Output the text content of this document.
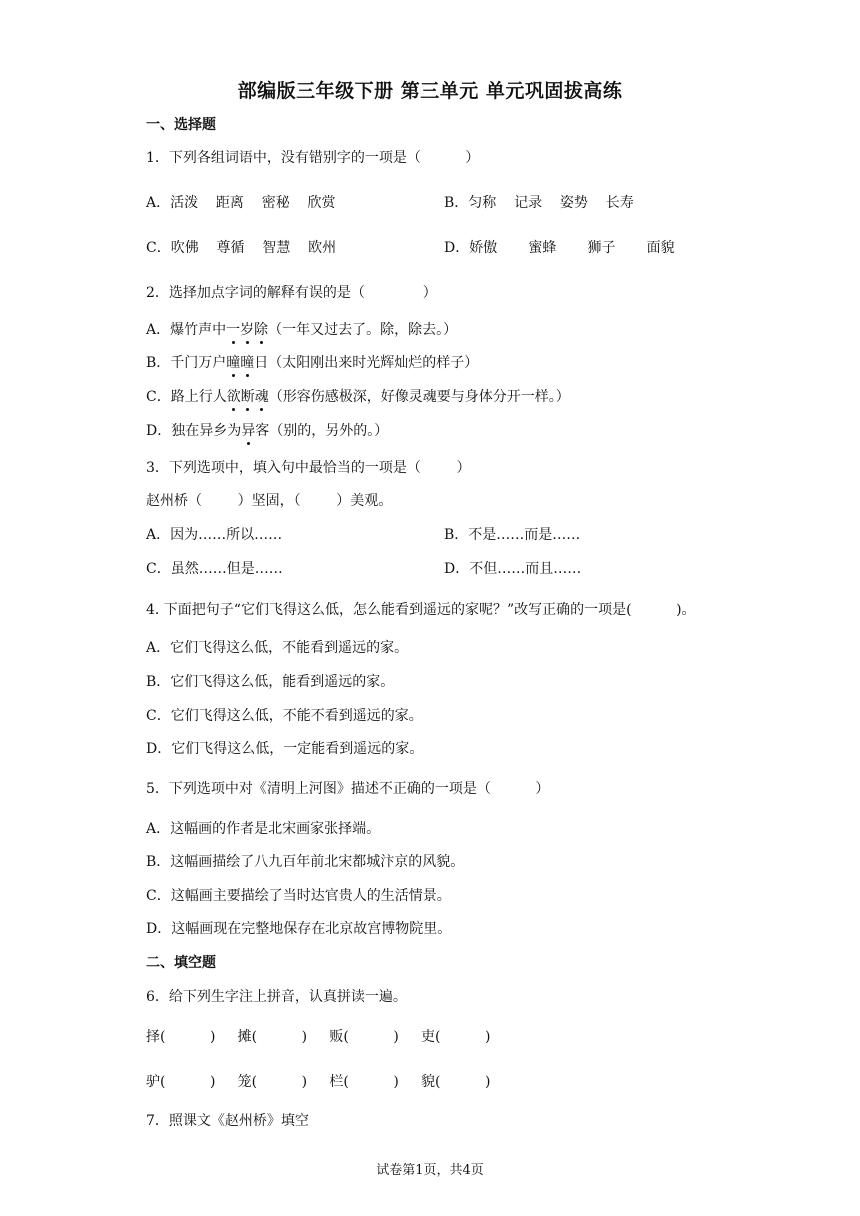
部编版三年级下册 第三单元 单元巩固拔高练
一、选择题
1．下列各组词语中，没有错别字的一项是（          ）
A．活泼    距离    密秘    欣赏	B．匀称    记录    姿势    长寿
C．吹佛    尊循    智慧    欧州	D．娇傲       蜜蜂       狮子       面貌
2．选择加点字词的解释有误的是（             ）
A．爆竹声中一岁除（一年又过去了。除，除去。）
B．千门万户曈曈日（太阳刚出来时光辉灿烂的样子）
C．路上行人欲断魂（形容伤感极深，好像灵魂要与身体分开一样。）
D．独在异乡为异客（别的，另外的。）
3．下列选项中，填入句中最恰当的一项是（        ）
赵州桥（        ）坚固，（        ）美观。
A．因为……所以……	B．不是……而是……
C．虽然……但是……	D．不但……而且……
4. 下面把句子“它们飞得这么低，怎么能看到遥远的家呢？”改写正确的一项是(          )。
A．它们飞得这么低，不能看到遥远的家。
B．它们飞得这么低，能看到遥远的家。
C．它们飞得这么低，不能不看到遥远的家。
D．它们飞得这么低，一定能看到遥远的家。
5．下列选项中对《清明上河图》描述不正确的一项是（          ）
A．这幅画的作者是北宋画家张择端。
B．这幅画描绘了八九百年前北宋都城汴京的风貌。
C．这幅画主要描绘了当时达官贵人的生活情景。
D．这幅画现在完整地保存在北京故宫博物院里。
二、填空题
6．给下列生字注上拼音，认真拼读一遍。
择(          )     摊(          )     贩(          )     吏(          )
驴(          )     笼(          )     栏(          )     貌(          )
7．照课文《赵州桥》填空
试卷第1页，共4页
